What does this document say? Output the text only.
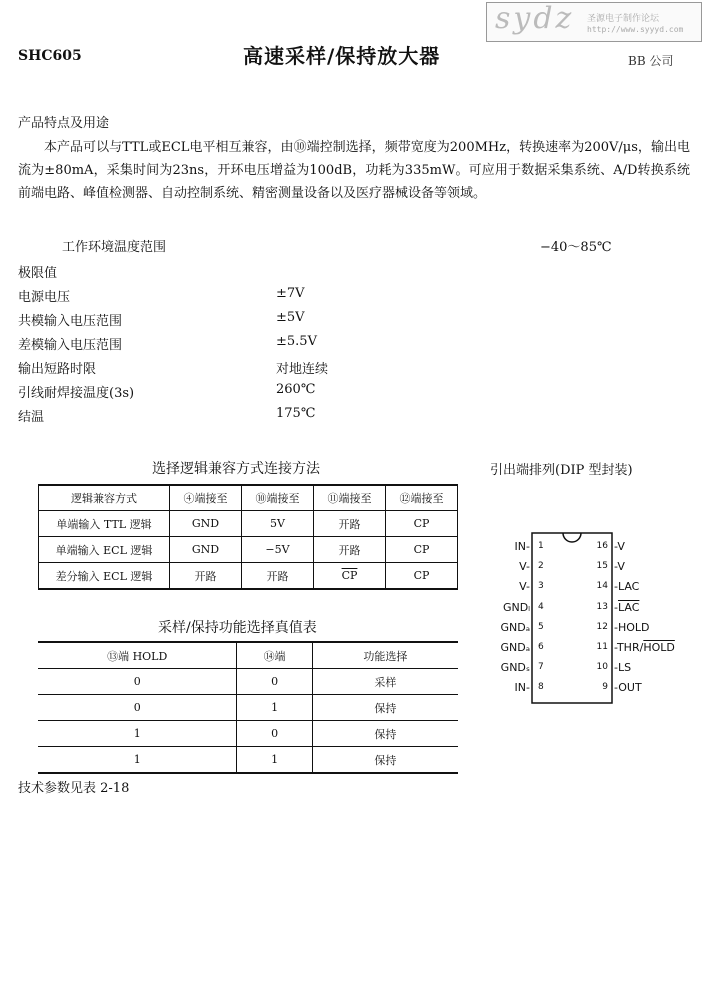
sydz 圣源电子制作论坛
http://www.syyyd.com
SHC605	高速采样/保持放大器	BB 公司
产品特点及用途

本产品可以与TTL或ECL电平相互兼容，由⑩端控制选择，频带宽度为200MHz，转换速率为200V/μs，输出电流为±80mA，采集时间为23ns，开环电压增益为100dB，功耗为335mW。可应用于数据采集系统、A/D转换系统前端电路、峰值检测器、自动控制系统、精密测量设备以及医疗器械设备等领域。

工作环境温度范围	−40～85℃
极限值
电源电压	±7V
共模输入电压范围	±5V
差模输入电压范围	±5.5V
输出短路时限	对地连续
引线耐焊接温度(3s)	260℃
结温	175℃
选择逻辑兼容方式连接方法
逻辑兼容方式	④端接至	⑩端接至	⑪端接至	⑫端接至
单端输入 TTL 逻辑	GND	5V	开路	CP
单端输入 ECL 逻辑	GND	−5V	开路	CP
差分输入 ECL 逻辑	开路	开路	$\overline{CP}$	CP
采样/保持功能选择真值表
⑬端 HOLD	⑭端	功能选择
0	0	采样
0	1	保持
1	0	保持
1	1	保持
技术参数见表 2-18
引出端排列(DIP 型封装)
IN- 1
V- 2
V- 3
GNDₗ 4
GNDₐ 5
GNDₐ 6
GNDₛ 7
IN- 8
16 -V
15 -V
14 -LAC
13 $-\overline{LAC}$
12 -HOLD
11 -THR/HOLD
10 -LS
9 -OUT
